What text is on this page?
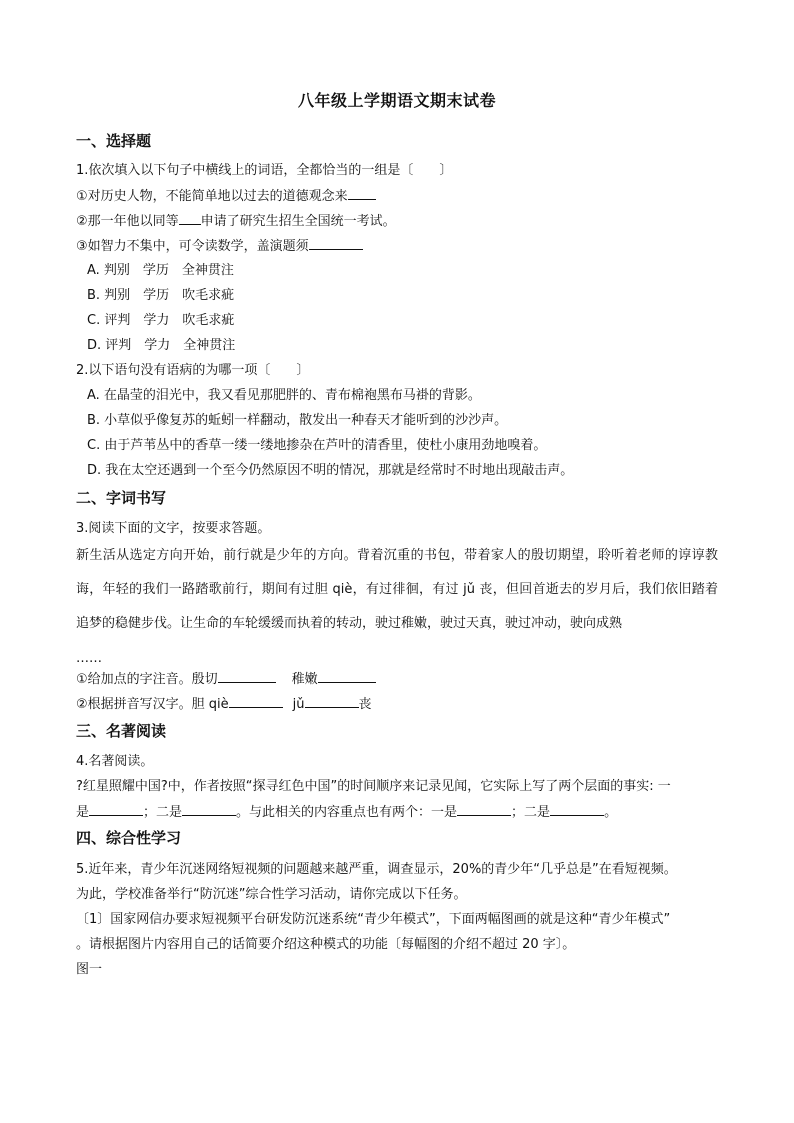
八年级上学期语文期末试卷
一、选择题
1.依次填入以下句子中横线上的词语，全都恰当的一组是〔　　〕
①对历史人物，不能简单地以过去的道德观念来
②那一年他以同等 申请了研究生招生全国统一考试。
③如智力不集中，可令读数学，盖演题须
A. 判别　学历　全神贯注
B. 判别　学历　吹毛求疵
C. 评判　学力　吹毛求疵
D. 评判　学力　全神贯注
2.以下语句没有语病的为哪一项〔　　〕
A. 在晶莹的泪光中，我又看见那肥胖的、青布棉袍黑布马褂的背影。
B. 小草似乎像复苏的蚯蚓一样翻动，散发出一种春天才能听到的沙沙声。
C. 由于芦苇丛中的香草一缕一缕地掺杂在芦叶的清香里，使杜小康用劲地嗅着。
D. 我在太空还遇到一个至今仍然原因不明的情况，那就是经常时不时地出现敲击声。
二、字词书写
3.阅读下面的文字，按要求答题。
新生活从选定方向开始，前行就是少年的方向。背着沉重的书包，带着家人的殷切期望，聆听着老师的谆谆教诲，年轻的我们一路踏歌前行，期间有过胆 qiè，有过徘徊，有过 jǔ 丧，但回首逝去的岁月后，我们依旧踏着追梦的稳健步伐。让生命的车轮缓缓而执着的转动，驶过稚嫩，驶过天真，驶过冲动，驶向成熟
……
①给加点的字注音。殷切	稚嫩
②根据拼音写汉字。胆 qiè	jǔ	丧
三、名著阅读
4.名著阅读。
?红星照耀中国?中，作者按照“探寻红色中国”的时间顺序来记录见闻，它实际上写了两个层面的事实: 一
是	；二是	。与此相关的内容重点也有两个：一是	；二是	。
四、综合性学习
5.近年来，青少年沉迷网络短视频的问题越来越严重，调查显示，20%的青少年“几乎总是”在看短视频。
为此，学校准备举行“防沉迷”综合性学习活动，请你完成以下任务。
〔1〕国家网信办要求短视频平台研发防沉迷系统“青少年模式”，下面两幅图画的就是这种“青少年模式”
。请根据图片内容用自己的话简要介绍这种模式的功能〔每幅图的介绍不超过 20 字〕。
图一
